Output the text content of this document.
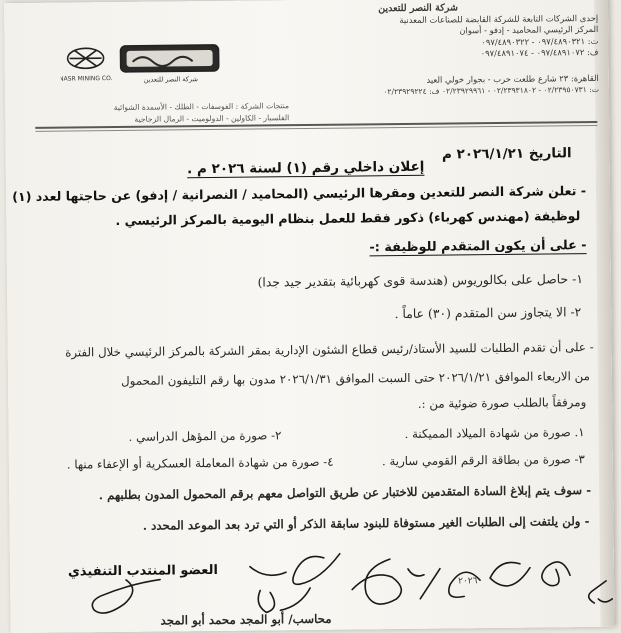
شركة النصر للتعدين
إحدى الشركات التابعة للشركة القابضة للصناعات المعدنية
المركز الرئيسي المحاميد - إدفو - أسوان
ت: ٠٩٧/٤٨٩٠٣٢١ - ٠٩٧/٤٨٩٠٣٢٢
ف: ٠٩٧/٤٨٩١٠٧٢ - ٠٩٧/٤٨٩١٠٧٤
القاهرة: ٢٣ شارع طلعت حرب - بجوار خولي العيد
ت: ٠٢/٢٣٩٥٠٧٣١ - ٠٢/٢٣٩٣١٨٠٢ - ٠٢/٢٣٩٢٩٩٦١ ف: ٠٢/٢٣٩٢٩٢٢٤
NASR MINING CO.	شركة النصر للتعدين
منتجات الشركة : الفوسفات - الطلك - الأسمدة الشوائية
الفلسبار - الكاولين - الدولوميت - الرمال الزجاجية
التاريخ ٢٠٢٦/١/٢١ م
إعلان داخلي رقم (١) لسنة ٢٠٢٦ م .
- تعلن شركة النصر للتعدين ومقرها الرئيسي (المحاميد / النصرانية / إدفو) عن حاجتها لعدد (١)
لوظيفة (مهندس كهرباء) ذكور فقط للعمل بنظام اليومية بالمركز الرئيسي .
- على أن يكون المتقدم للوظيفة :-
١- حاصل على بكالوريوس (هندسة قوى كهربائية بتقدير جيد جدا)
٢- الا يتجاوز سن المتقدم (٣٠) عاماً .
- على أن تقدم الطلبات للسيد الأستاذ/رئيس قطاع الشئون الإدارية بمقر الشركة بالمركز الرئيسي خلال الفترة
من الاربعاء الموافق ٢٠٢٦/١/٢١ حتى السبت الموافق ٢٠٢٦/١/٣١ مدون بها رقم التليفون المحمول
ومرفقاً بالطلب صورة ضوئية من :.
١. صورة من شهادة الميلاد المميكنة .
٢- صورة من المؤهل الدراسي .
٣- صورة من بطاقة الرقم القومي سارية .
٤- صورة من شهادة المعاملة العسكرية أو الإعفاء منها .
- سوف يتم إبلاغ السادة المتقدمين للاختبار عن طريق التواصل معهم برقم المحمول المدون بطلبهم .
- ولن يلتفت إلى الطلبات الغير مستوفاة للبنود سابقة الذكر أو التي ترد بعد الموعد المحدد .
العضو المنتدب التنفيذي
محاسب/ أبو المجد محمد أبو المجد
٢٠٢٦
